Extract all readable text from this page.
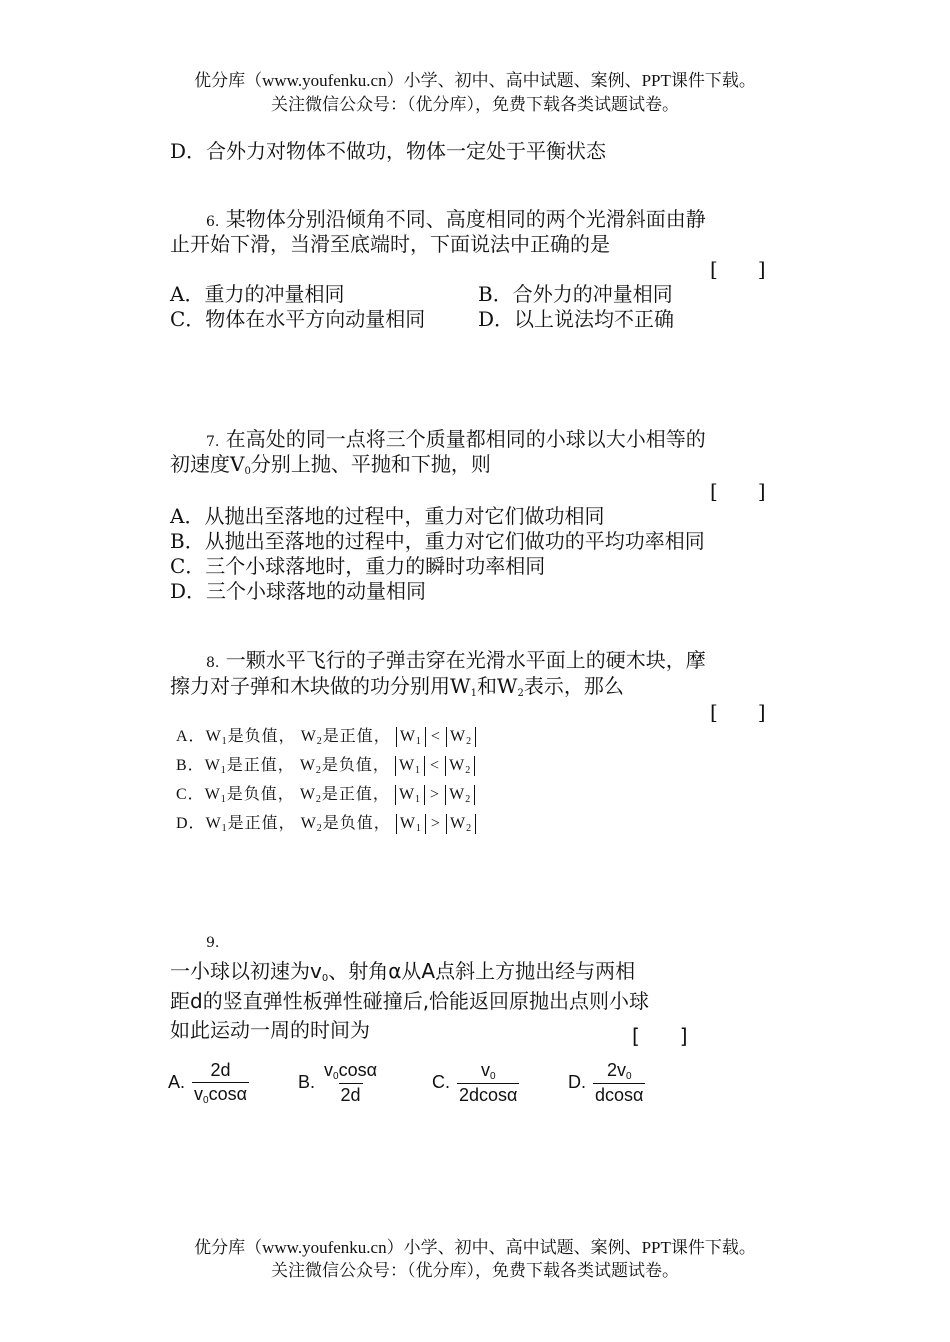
优分库（www.youfenku.cn）小学、初中、高中试题、案例、PPT课件下载。
关注微信公众号：（优分库），免费下载各类试题试卷。
D．合外力对物体不做功，物体一定处于平衡状态
6. 某物体分别沿倾角不同、高度相同的两个光滑斜面由静
止开始下滑，当滑至底端时，下面说法中正确的是
[　　]
A．重力的冲量相同	B．合外力的冲量相同
C．物体在水平方向动量相同	D．以上说法均不正确
7. 在高处的同一点将三个质量都相同的小球以大小相等的
初速度$V_0$分别上抛、平抛和下抛，则
[　　]
A．从抛出至落地的过程中，重力对它们做功相同
B．从抛出至落地的过程中，重力对它们做功的平均功率相同
C．三个小球落地时，重力的瞬时功率相同
D．三个小球落地的动量相同
8. 一颗水平飞行的子弹击穿在光滑水平面上的硬木块，摩
擦力对子弹和木块做的功分别用$W_1$和$W_2$表示，那么
[　　]
A．$W_1$是负值， $W_2$是正值， $W_1 < W_2$
B．$W_1$是正值， $W_2$是负值， $W_1 < W_2$
C．$W_1$是负值， $W_2$是正值， $W_1 > W_2$
D．$W_1$是正值， $W_2$是负值， $W_1 > W_2$
9.
一小球以初速为$v_0$、射角α从A点斜上方抛出经与两相
距d的竖直弹性板弹性碰撞后,恰能返回原抛出点则小球
如此运动一周的时间为	[　　]
A. $\frac{2d}{v_0\cos\alpha}$	B. $\frac{v_0\cos\alpha}{2d}$	C. $\frac{v_0}{2dcos\alpha}$	D. $\frac{2v_0}{dcos\alpha}$
优分库（www.youfenku.cn）小学、初中、高中试题、案例、PPT课件下载。
关注微信公众号：（优分库），免费下载各类试题试卷。
